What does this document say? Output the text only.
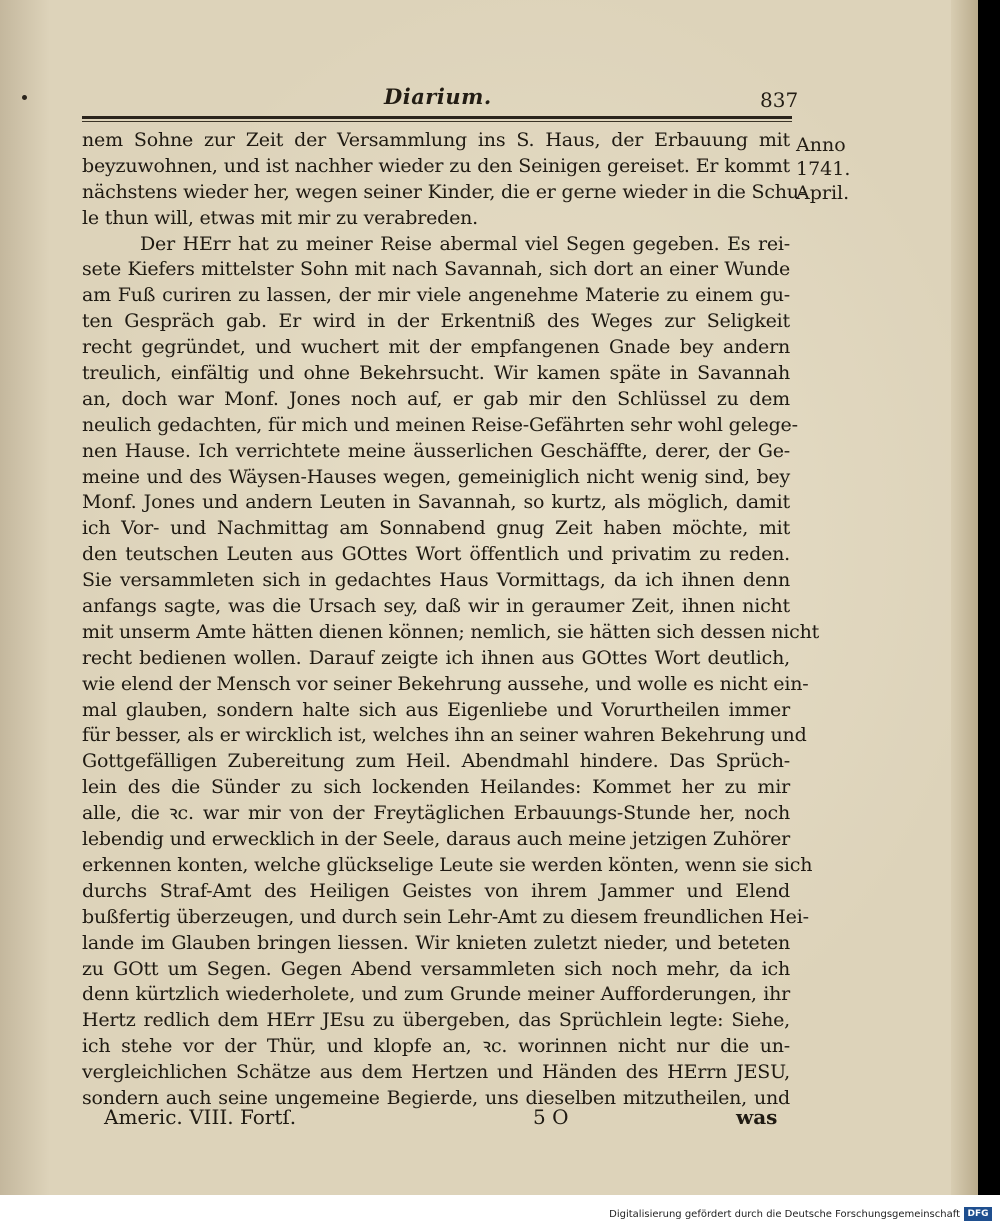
Diarium.	837
Anno
1741.
April.
nem Sohne zur Zeit der Versammlung ins S. Haus, der Erbauung mit
beyzuwohnen, und ist nachher wieder zu den Seinigen gereiset. Er kommt
nächstens wieder her, wegen seiner Kinder, die er gerne wieder in die Schu-
le thun will, etwas mit mir zu verabreden.
Der HErr hat zu meiner Reise abermal viel Segen gegeben. Es rei-
sete Kiefers mittelster Sohn mit nach Savannah, sich dort an einer Wunde
am Fuß curiren zu lassen, der mir viele angenehme Materie zu einem gu-
ten Gespräch gab. Er wird in der Erkentniß des Weges zur Seligkeit
recht gegründet, und wuchert mit der empfangenen Gnade bey andern
treulich, einfältig und ohne Bekehrsucht. Wir kamen späte in Savannah
an, doch war Monf. Jones noch auf, er gab mir den Schlüssel zu dem
neulich gedachten, für mich und meinen Reise-Gefährten sehr wohl gelege-
nen Hause. Ich verrichtete meine äusserlichen Geschäffte, derer, der Ge-
meine und des Wäysen-Hauses wegen, gemeiniglich nicht wenig sind, bey
Monf. Jones und andern Leuten in Savannah, so kurtz, als möglich, damit
ich Vor- und Nachmittag am Sonnabend gnug Zeit haben möchte, mit
den teutschen Leuten aus GOttes Wort öffentlich und privatim zu reden.
Sie versammleten sich in gedachtes Haus Vormittags, da ich ihnen denn
anfangs sagte, was die Ursach sey, daß wir in geraumer Zeit, ihnen nicht
mit unserm Amte hätten dienen können; nemlich, sie hätten sich dessen nicht
recht bedienen wollen. Darauf zeigte ich ihnen aus GOttes Wort deutlich,
wie elend der Mensch vor seiner Bekehrung aussehe, und wolle es nicht ein-
mal glauben, sondern halte sich aus Eigenliebe und Vorurtheilen immer
für besser, als er wircklich ist, welches ihn an seiner wahren Bekehrung und
Gottgefälligen Zubereitung zum Heil. Abendmahl hindere. Das Sprüch-
lein des die Sünder zu sich lockenden Heilandes: Kommet her zu mir
alle, die ꝛc. war mir von der Freytäglichen Erbauungs-Stunde her, noch
lebendig und erwecklich in der Seele, daraus auch meine jetzigen Zuhörer
erkennen konten, welche glückselige Leute sie werden könten, wenn sie sich
durchs Straf-Amt des Heiligen Geistes von ihrem Jammer und Elend
bußfertig überzeugen, und durch sein Lehr-Amt zu diesem freundlichen Hei-
lande im Glauben bringen liessen. Wir knieten zuletzt nieder, und beteten
zu GOtt um Segen. Gegen Abend versammleten sich noch mehr, da ich
denn kürtzlich wiederholete, und zum Grunde meiner Aufforderungen, ihr
Hertz redlich dem HErr JEsu zu übergeben, das Sprüchlein legte: Siehe,
ich stehe vor der Thür, und klopfe an, ꝛc. worinnen nicht nur die un-
vergleichlichen Schätze aus dem Hertzen und Händen des HErrn JESU,
sondern auch seine ungemeine Begierde, uns dieselben mitzutheilen, und
Americ. VIII. Fortſ.	5 O	was
Digitalisierung gefördert durch die Deutsche Forschungsgemeinschaft DFG
